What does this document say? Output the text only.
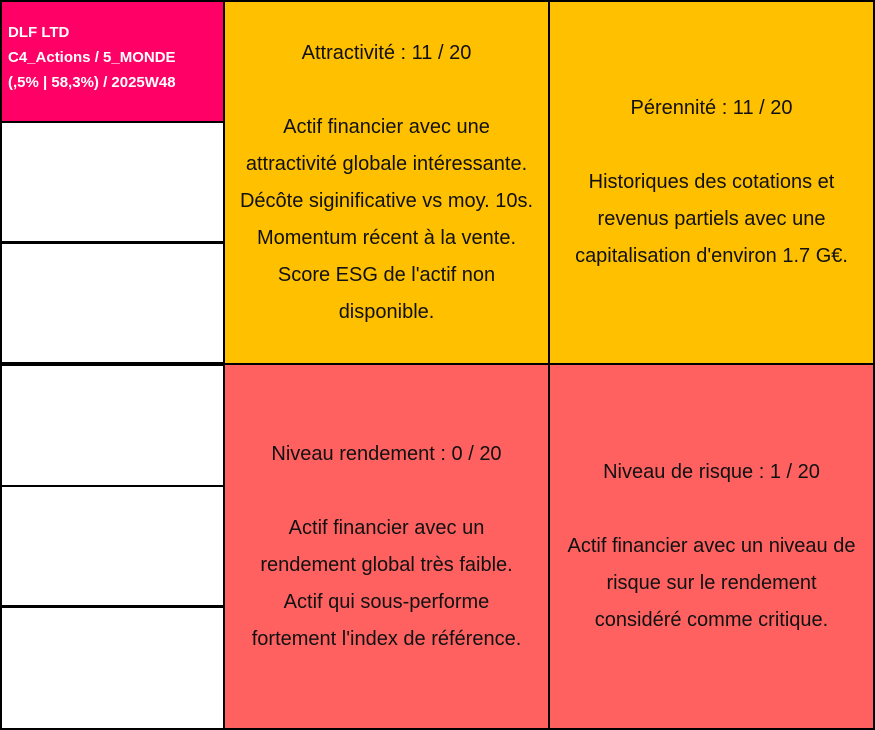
DLF LTD
C4_Actions / 5_MONDE
(,5% | 58,3%) / 2025W48
Attractivité : 11 / 20
Actif financier avec une
attractivité globale intéressante.
Décôte siginificative vs moy. 10s.
Momentum récent à la vente.
Score ESG de l'actif non
disponible.
Pérennité : 11 / 20
Historiques des cotations et
revenus partiels avec une
capitalisation d'environ 1.7 G€.
Niveau rendement : 0 / 20
Actif financier avec un
rendement global très faible.
Actif qui sous-performe
fortement l'index de référence.
Niveau de risque : 1 / 20
Actif financier avec un niveau de
risque sur le rendement
considéré comme critique.
